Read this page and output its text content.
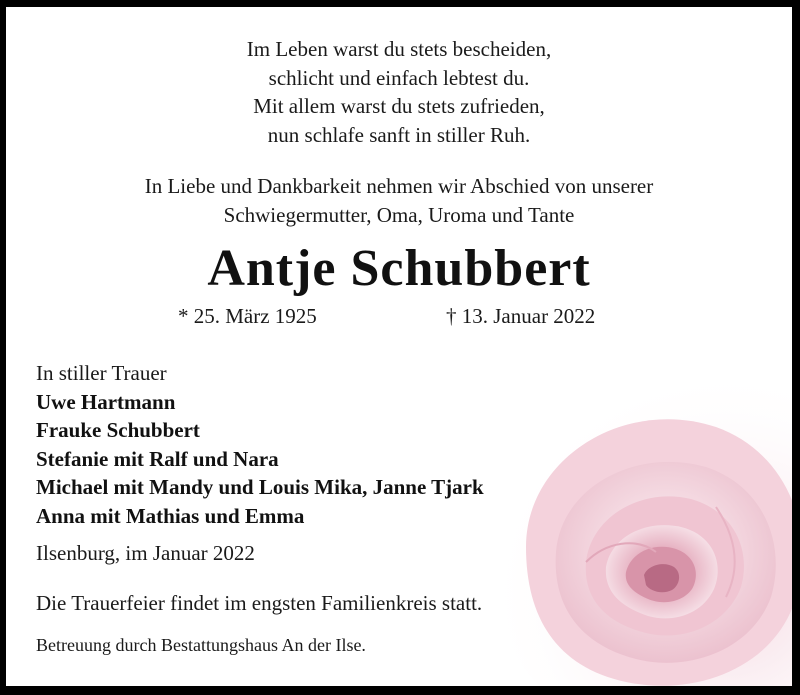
Im Leben warst du stets bescheiden,
schlicht und einfach lebtest du.
Mit allem warst du stets zufrieden,
nun schlafe sanft in stiller Ruh.
In Liebe und Dankbarkeit nehmen wir Abschied von unserer
Schwiegermutter, Oma, Uroma und Tante
Antje Schubbert
* 25. März 1925	† 13. Januar 2022
In stiller Trauer
Uwe Hartmann
Frauke Schubbert
Stefanie mit Ralf und Nara
Michael mit Mandy und Louis Mika, Janne Tjark
Anna mit Mathias und Emma
Ilsenburg, im Januar 2022
Die Trauerfeier findet im engsten Familienkreis statt.
Betreuung durch Bestattungshaus An der Ilse.
